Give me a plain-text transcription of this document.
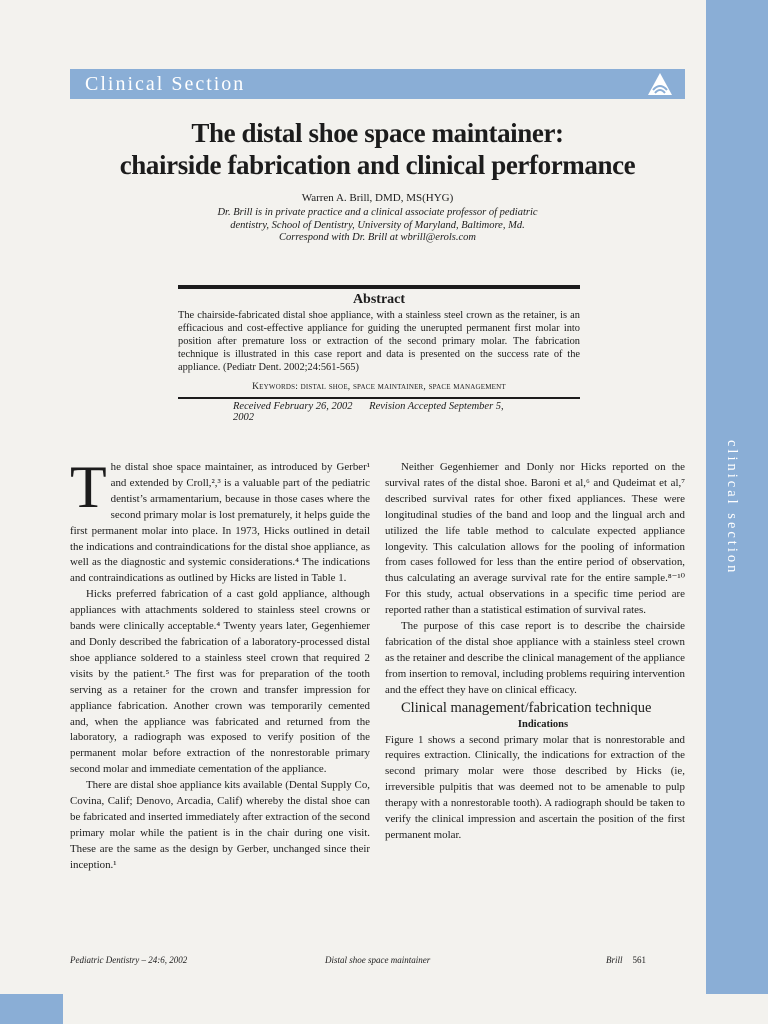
clinical section
Clinical Section
The distal shoe space maintainer:
chairside fabrication and clinical performance
Warren A. Brill, DMD, MS(HYG)
Dr. Brill is in private practice and a clinical associate professor of pediatric
dentistry, School of Dentistry, University of Maryland, Baltimore, Md.
Correspond with Dr. Brill at wbrill@erols.com
Abstract
The chairside-fabricated distal shoe appliance, with a stainless steel crown as the retainer, is an efficacious and cost-effective appliance for guiding the unerupted permanent first molar into position after premature loss or extraction of the second primary molar. The fabrication technique is illustrated in this case report and data is presented on the success rate of the appliance. (Pediatr Dent. 2002;24:561-565)
Keywords: distal shoe, space maintainer, space management
Received February 26, 2002 Revision Accepted September 5, 2002

The distal shoe space maintainer, as introduced by Gerber¹ and extended by Croll,²,³ is a valuable part of the pediatric dentist’s armamentarium, because in those cases where the second primary molar is lost prematurely, it helps guide the first permanent molar into place. In 1973, Hicks outlined in detail the indications and contraindications for the distal shoe appliance, as well as the diagnostic and systemic considerations.⁴ The indications and contraindications as outlined by Hicks are listed in Table 1.

Hicks preferred fabrication of a cast gold appliance, although appliances with attachments soldered to stainless steel crowns or bands were clinically acceptable.⁴ Twenty years later, Gegenhiemer and Donly described the fabrication of a laboratory-processed distal shoe appliance soldered to a stainless steel crown that required 2 visits by the patient.⁵ The first was for preparation of the tooth serving as a retainer for the crown and transfer impression for appliance fabrication. Another crown was temporarily cemented and, when the appliance was fabricated and returned from the laboratory, a radiograph was exposed to verify position of the permanent molar before extraction of the nonrestorable primary second molar and immediate cementation of the appliance.

There are distal shoe appliance kits available (Dental Supply Co, Covina, Calif; Denovo, Arcadia, Calif) whereby the distal shoe can be fabricated and inserted immediately after extraction of the second primary molar while the patient is in the chair during one visit. These are the same as the design by Gerber, unchanged since their inception.¹

Neither Gegenhiemer and Donly nor Hicks reported on the survival rates of the distal shoe. Baroni et al,⁶ and Qudeimat et al,⁷ described survival rates for other fixed appliances. These were longitudinal studies of the band and loop and the lingual arch and utilized the life table method to calculate expected appliance longevity. This calculation allows for the pooling of information from cases followed for less than the entire period of observation, thus calculating an average survival rate for the entire sample.⁸⁻¹⁰ For this study, actual observations in a specific time period are reported rather than a statistical estimation of survival rates.

The purpose of this case report is to describe the chairside fabrication of the distal shoe appliance with a stainless steel crown as the retainer and describe the clinical management of the appliance from insertion to removal, including problems requiring intervention and the effect they have on clinical efficacy.

Clinical management/fabrication technique

Indications

Figure 1 shows a second primary molar that is nonrestorable and requires extraction. Clinically, the indications for extraction of the second primary molar were those described by Hicks (ie, irreversible pulpitis that was deemed not to be amenable to pulp therapy with a nonrestorable tooth). A radiograph should be taken to verify the clinical impression and ascertain the position of the first permanent molar.

Pediatric Dentistry – 24:6, 2002	Distal shoe space maintainer	Brill 561
